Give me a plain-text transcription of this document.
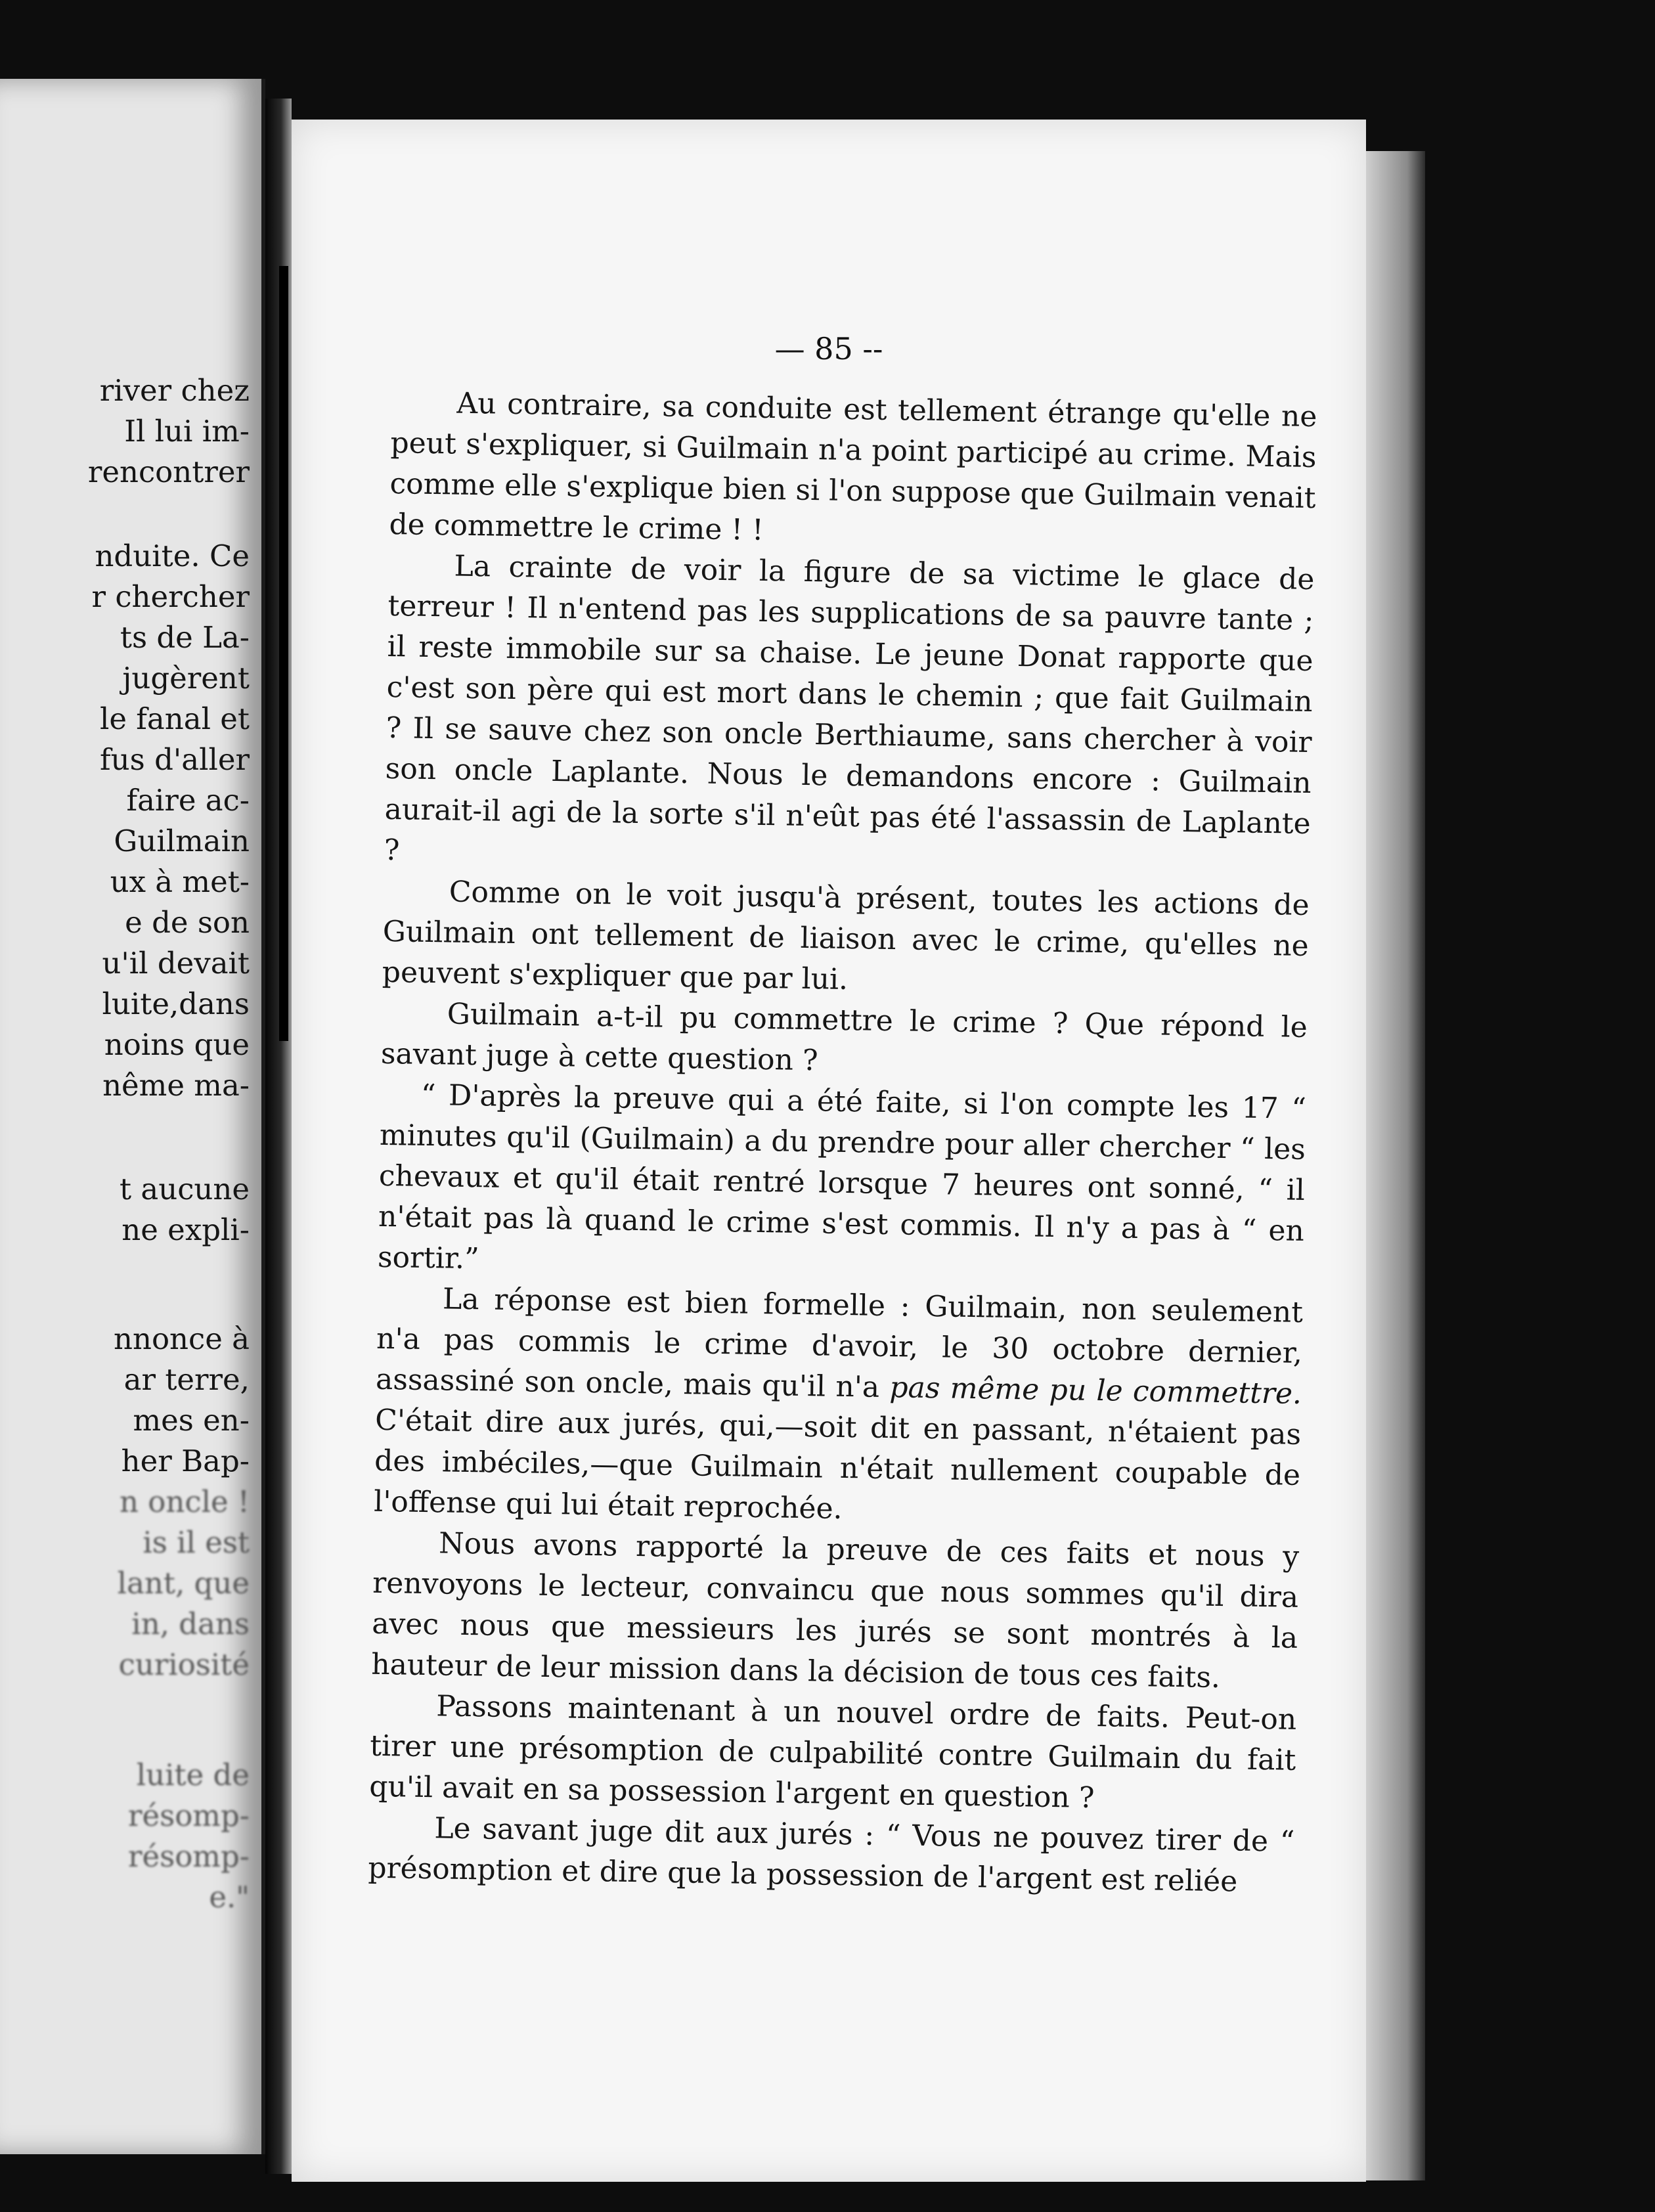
river chez

Il lui im-

rencontrer

nduite. Ce

r chercher

ts de La-

jugèrent

le fanal et

fus d'aller

faire ac-

Guilmain

ux à met-

e de son

u'il devait

luite,dans

noins que

nême ma-

t aucune

ne expli-

nnonce à

ar terre,

mes en-

her Bap-

n oncle !

is il est

lant, que

in, dans

curiosité

luite de

résomp-

résomp-

e."

— 85 --

Au contraire, sa conduite est tellement étrange qu'elle ne peut s'expliquer, si Guilmain n'a point participé au crime. Mais comme elle s'explique bien si l'on suppose que Guilmain venait de commettre le crime ! !

La crainte de voir la figure de sa victime le glace de terreur ! Il n'entend pas les supplications de sa pauvre tante ; il reste immobile sur sa chaise. Le jeune Donat rapporte que c'est son père qui est mort dans le chemin ; que fait Guilmain ? Il se sauve chez son oncle Berthiaume, sans chercher à voir son oncle Laplante. Nous le demandons encore : Guilmain aurait-il agi de la sorte s'il n'eût pas été l'assassin de Laplante ?

Comme on le voit jusqu'à présent, toutes les actions de Guilmain ont tellement de liaison avec le crime, qu'elles ne peuvent s'expliquer que par lui.

Guilmain a-t-il pu commettre le crime ? Que répond le savant juge à cette question ?

“ D'après la preuve qui a été faite, si l'on compte les 17 “ minutes qu'il (Guilmain) a du prendre pour aller chercher “ les chevaux et qu'il était rentré lorsque 7 heures ont sonné, “ il n'était pas là quand le crime s'est commis. Il n'y a pas à “ en sortir.”

La réponse est bien formelle : Guilmain, non seulement n'a pas commis le crime d'avoir, le 30 octobre dernier, assassiné son oncle, mais qu'il n'a pas même pu le commettre. C'était dire aux jurés, qui,—soit dit en passant, n'étaient pas des imbéciles,—que Guilmain n'était nullement coupable de l'offense qui lui était reprochée.

Nous avons rapporté la preuve de ces faits et nous y renvoyons le lecteur, convaincu que nous sommes qu'il dira avec nous que messieurs les jurés se sont montrés à la hauteur de leur mission dans la décision de tous ces faits.

Passons maintenant à un nouvel ordre de faits. Peut-on tirer une présomption de culpabilité contre Guilmain du fait qu'il avait en sa possession l'argent en question ?

Le savant juge dit aux jurés : “ Vous ne pouvez tirer de “ présomption et dire que la possession de l'argent est reliée
